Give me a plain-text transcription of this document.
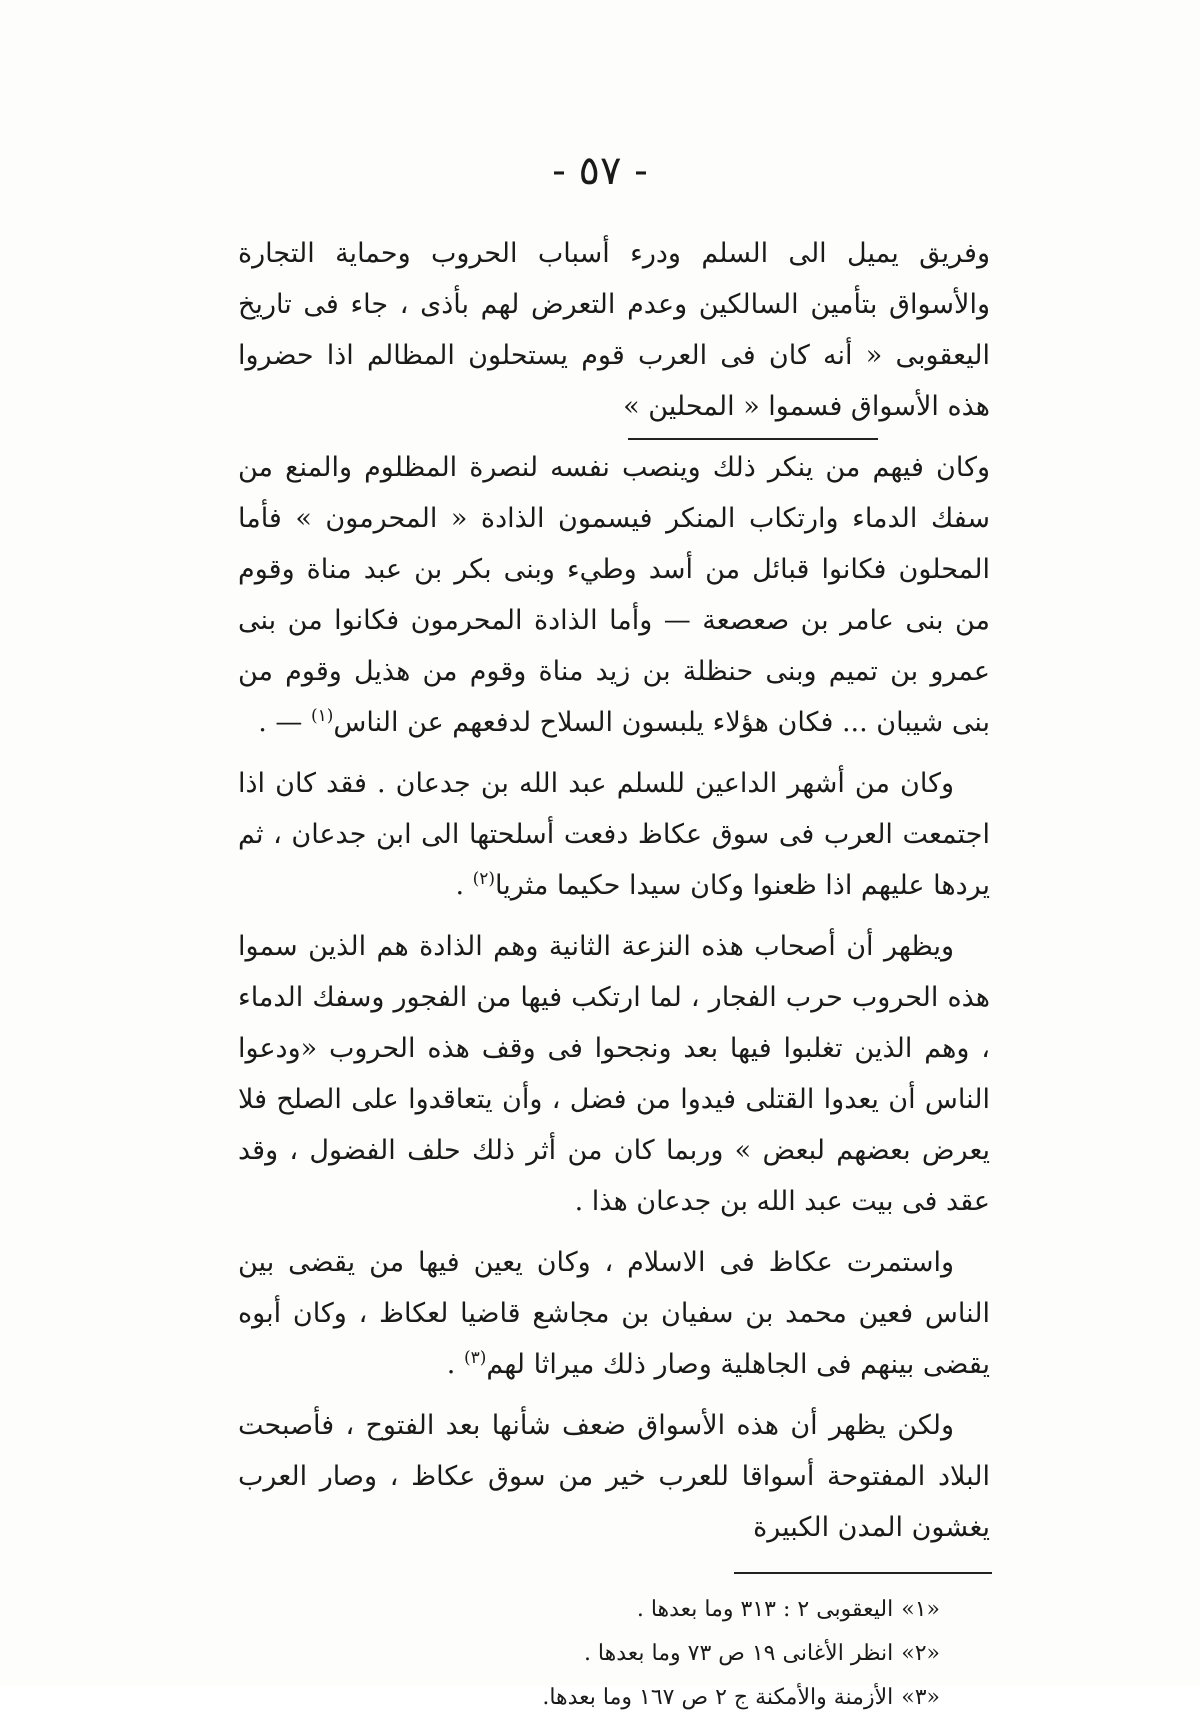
- ٥٧ -

وفريق يميل الى السلم ودرء أسباب الحروب وحماية التجارة والأسواق بتأمين السالكين وعدم التعرض لهم بأذى ، جاء فى تاريخ اليعقوبى « أنه كان فى العرب قوم يستحلون المظالم اذا حضروا هذه الأسواق فسموا « المحلين »

وكان فيهم من ينكر ذلك وينصب نفسه لنصرة المظلوم والمنع من سفك الدماء وارتكاب المنكر فيسمون الذادة « المحرمون » فأما المحلون فكانوا قبائل من أسد وطيء وبنى بكر بن عبد مناة وقوم من بنى عامر بن صعصعة — وأما الذادة المحرمون فكانوا من بنى عمرو بن تميم وبنى حنظلة بن زيد مناة وقوم من هذيل وقوم من بنى شيبان ... فكان هؤلاء يلبسون السلاح لدفعهم عن الناس$^{(١)}$ — .

وكان من أشهر الداعين للسلم عبد الله بن جدعان . فقد كان اذا اجتمعت العرب فى سوق عكاظ دفعت أسلحتها الى ابن جدعان ، ثم يردها عليهم اذا ظعنوا وكان سيدا حكيما مثريا$^{(٢)}$ .

ويظهر أن أصحاب هذه النزعة الثانية وهم الذادة هم الذين سموا هذه الحروب حرب الفجار ، لما ارتكب فيها من الفجور وسفك الدماء ، وهم الذين تغلبوا فيها بعد ونجحوا فى وقف هذه الحروب «ودعوا الناس أن يعدوا القتلى فيدوا من فضل ، وأن يتعاقدوا على الصلح فلا يعرض بعضهم لبعض » وربما كان من أثر ذلك حلف الفضول ، وقد عقد فى بيت عبد الله بن جدعان هذا .

واستمرت عكاظ فى الاسلام ، وكان يعين فيها من يقضى بين الناس فعين محمد بن سفيان بن مجاشع قاضيا لعكاظ ، وكان أبوه يقضى بينهم فى الجاهلية وصار ذلك ميراثا لهم$^{(٣)}$ .

ولكن يظهر أن هذه الأسواق ضعف شأنها بعد الفتوح ، فأصبحت البلاد المفتوحة أسواقا للعرب خير من سوق عكاظ ، وصار العرب يغشون المدن الكبيرة

«١»اليعقوبى ٢ : ٣١٣ وما بعدها .
«٢»انظر الأغانى ١٩ ص ٧٣ وما بعدها .
«٣»الأزمنة والأمكنة ج ٢ ص ١٦٧ وما بعدها.
